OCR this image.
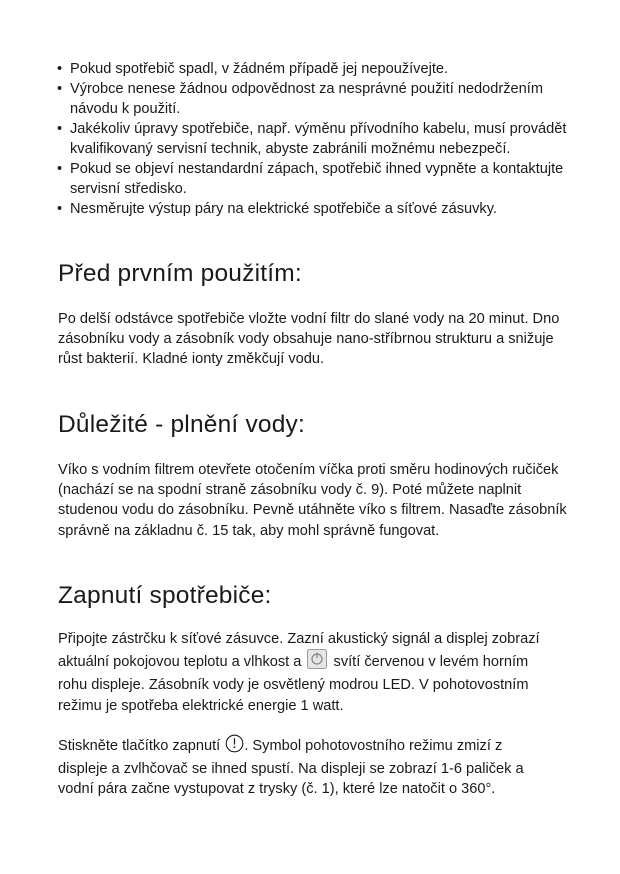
• Pokud spotřebič spadl, v žádném případě jej nepoužívejte.
• Výrobce nenese žádnou odpovědnost za nesprávné použití nedodržením návodu k použití.
• Jakékoliv úpravy spotřebiče, např. výměnu přívodního kabelu, musí provádět kvalifikovaný servisní technik, abyste zabránili možnému nebezpečí.
• Pokud se objeví nestandardní zápach, spotřebič ihned vypněte a kontaktujte servisní středisko.
• Nesměrujte výstup páry na elektrické spotřebiče a síťové zásuvky.
Před prvním použitím:

Po delší odstávce spotřebiče vložte vodní filtr do slané vody na 20 minut. Dno zásobníku vody a zásobník vody obsahuje nano-stříbrnou strukturu a snižuje růst bakterií. Kladné ionty změkčují vodu.

Důležité - plnění vody:

Víko s vodním filtrem otevřete otočením víčka proti směru hodinových ručiček (nachází se na spodní straně zásobníku vody č. 9). Poté můžete naplnit studenou vodu do zásobníku. Pevně utáhněte víko s filtrem. Nasaďte zásobník správně na základnu č. 15 tak, aby mohl správně fungovat.

Zapnutí spotřebiče:

Připojte zástrčku k síťové zásuvce. Zazní akustický signál a displej zobrazí aktuální pokojovou teplotu a vlhkost a svítí červenou v levém horním rohu displeje. Zásobník vody je osvětlený modrou LED. V pohotovostním režimu je spotřeba elektrické energie 1 watt.

Stiskněte tlačítko zapnutí . Symbol pohotovostního režimu zmizí z displeje a zvlhčovač se ihned spustí. Na displeji se zobrazí 1-6 paliček a vodní pára začne vystupovat z trysky (č. 1), které lze natočit o 360°.
